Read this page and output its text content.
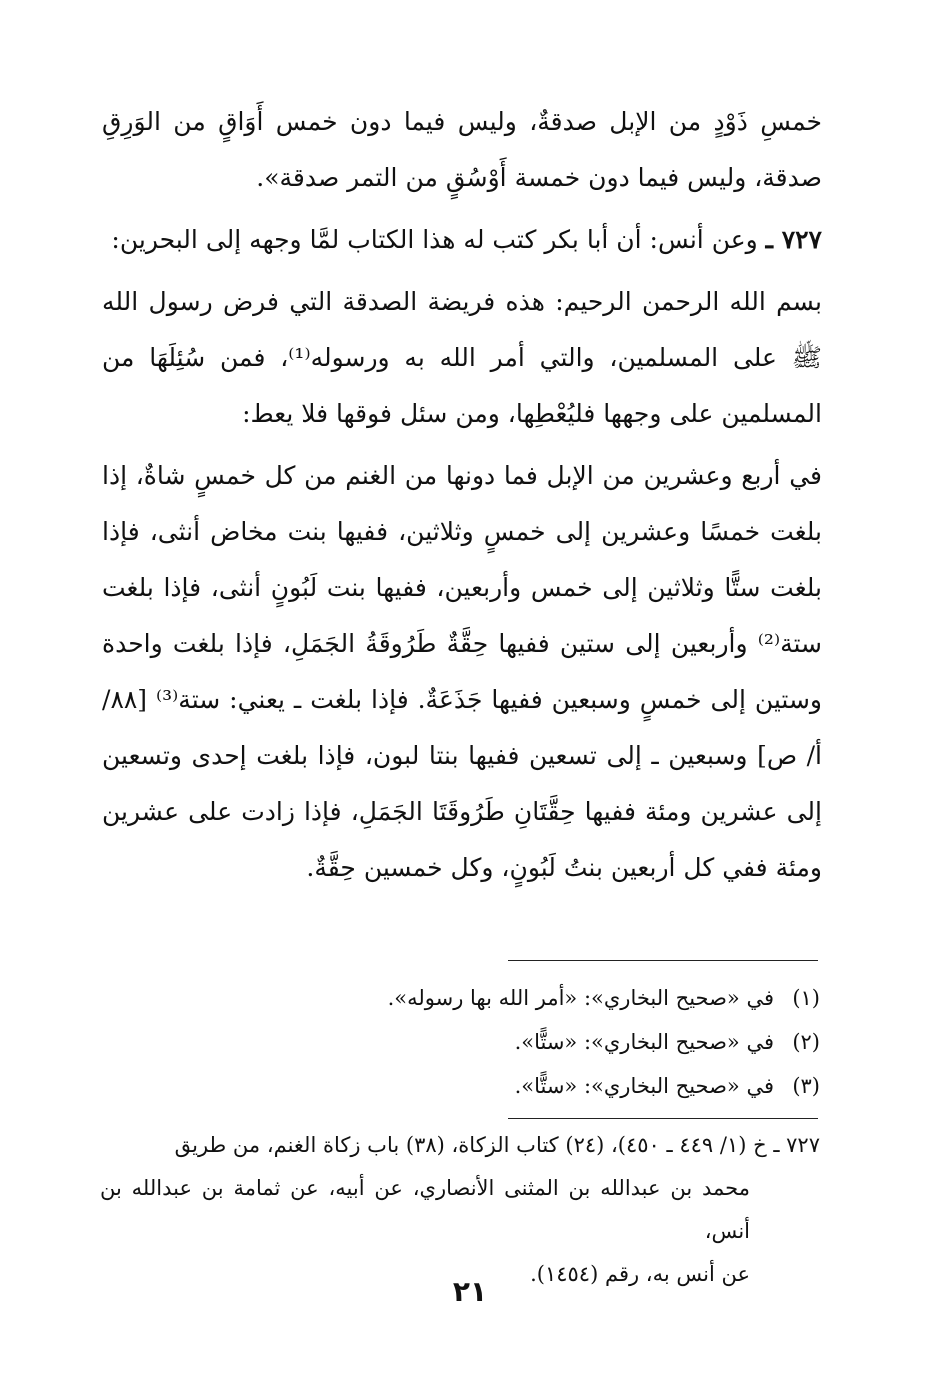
خمسِ ذَوْدٍ من الإبل صدقةٌ، وليس فيما دون خمس أَوَاقٍ من الوَرِقِ صدقة، وليس فيما دون خمسة أَوْسُقٍ من التمر صدقة».

٧٢٧ ـ وعن أنس: أن أبا بكر كتب له هذا الكتاب لمَّا وجهه إلى البحرين:

بسم الله الرحمن الرحيم: هذه فريضة الصدقة التي فرض رسول الله ﷺ على المسلمين، والتي أمر الله به ورسوله⁽¹⁾، فمن سُئِلَهَا من المسلمين على وجهها فليُعْطِها، ومن سئل فوقها فلا يعط:

في أربع وعشرين من الإبل فما دونها من الغنم من كل خمسٍ شاةٌ، إذا بلغت خمسًا وعشرين إلى خمسٍ وثلاثين، ففيها بنت مخاض أنثى، فإذا بلغت ستًّا وثلاثين إلى خمس وأربعين، ففيها بنت لَبُونٍ أنثى، فإذا بلغت ستة⁽²⁾ وأربعين إلى ستين ففيها حِقَّةٌ طَرُوقَةُ الجَمَلِ، فإذا بلغت واحدة وستين إلى خمسٍ وسبعين ففيها جَذَعَةٌ. فإذا بلغت ـ يعني: ستة⁽³⁾ [٨٨/ أ/ ص] وسبعين ـ إلى تسعين ففيها بنتا لبون، فإذا بلغت إحدى وتسعين إلى عشرين ومئة ففيها حِقَّتَانِ طَرُوقَتَا الجَمَلِ، فإذا زادت على عشرين ومئة ففي كل أربعين بنتُ لَبُونٍ، وكل خمسين حِقَّةٌ.

(١)في «صحيح البخاري»: «أمر الله بها رسوله».

(٢)في «صحيح البخاري»: «ستًّا».

(٣)في «صحيح البخاري»: «ستًّا».

٧٢٧ ـ خ (١/ ٤٤٩ ـ ٤٥٠)، (٢٤) كتاب الزكاة، (٣٨) باب زكاة الغنم، من طريق

محمد بن عبدالله بن المثنى الأنصاري، عن أبيه، عن ثمامة بن عبدالله بن أنس،

عن أنس به، رقم (١٤٥٤).

٢١
